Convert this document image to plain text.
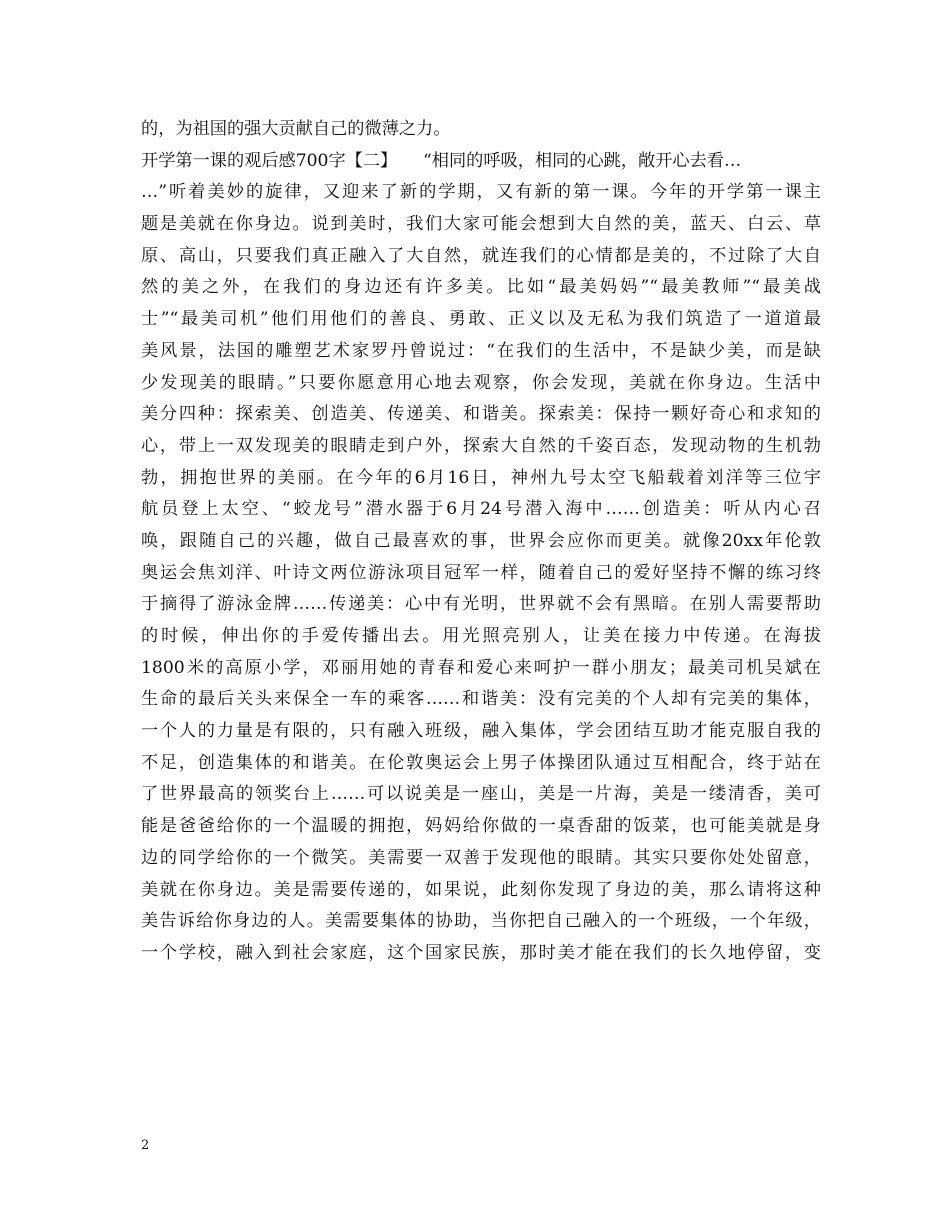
的，为祖国的强大贡献自己的微薄之力。
开学第一课的观后感700字【二】　　“相同的呼吸，相同的心跳，敞开心去看…
…”听着美妙的旋律，又迎来了新的学期，又有新的第一课。今年的开学第一课主
题是美就在你身边。说到美时，我们大家可能会想到大自然的美，蓝天、白云、草
原、高山，只要我们真正融入了大自然，就连我们的心情都是美的，不过除了大自
然的美之外，在我们的身边还有许多美。比如“最美妈妈”“最美教师”“最美战
士”“最美司机”他们用他们的善良、勇敢、正义以及无私为我们筑造了一道道最
美风景，法国的雕塑艺术家罗丹曾说过：“在我们的生活中，不是缺少美，而是缺
少发现美的眼睛。”只要你愿意用心地去观察，你会发现，美就在你身边。生活中
美分四种：探索美、创造美、传递美、和谐美。探索美：保持一颗好奇心和求知的
心，带上一双发现美的眼睛走到户外，探索大自然的千姿百态，发现动物的生机勃
勃，拥抱世界的美丽。在今年的6月16日，神州九号太空飞船载着刘洋等三位宇
航员登上太空、“蛟龙号”潜水器于6月24号潜入海中……创造美：听从内心召
唤，跟随自己的兴趣，做自己最喜欢的事，世界会应你而更美。就像20xx年伦敦
奥运会焦刘洋、叶诗文两位游泳项目冠军一样，随着自己的爱好坚持不懈的练习终
于摘得了游泳金牌……传递美：心中有光明，世界就不会有黑暗。在别人需要帮助
的时候，伸出你的手爱传播出去。用光照亮别人，让美在接力中传递。在海拔
1800米的高原小学，邓丽用她的青春和爱心来呵护一群小朋友；最美司机吴斌在
生命的最后关头来保全一车的乘客……和谐美：没有完美的个人却有完美的集体，
一个人的力量是有限的，只有融入班级，融入集体，学会团结互助才能克服自我的
不足，创造集体的和谐美。在伦敦奥运会上男子体操团队通过互相配合，终于站在
了世界最高的领奖台上……可以说美是一座山，美是一片海，美是一缕清香，美可
能是爸爸给你的一个温暖的拥抱，妈妈给你做的一桌香甜的饭菜，也可能美就是身
边的同学给你的一个微笑。美需要一双善于发现他的眼睛。其实只要你处处留意，
美就在你身边。美是需要传递的，如果说，此刻你发现了身边的美，那么请将这种
美告诉给你身边的人。美需要集体的协助，当你把自己融入的一个班级，一个年级，
一个学校，融入到社会家庭，这个国家民族，那时美才能在我们的长久地停留，变
2
